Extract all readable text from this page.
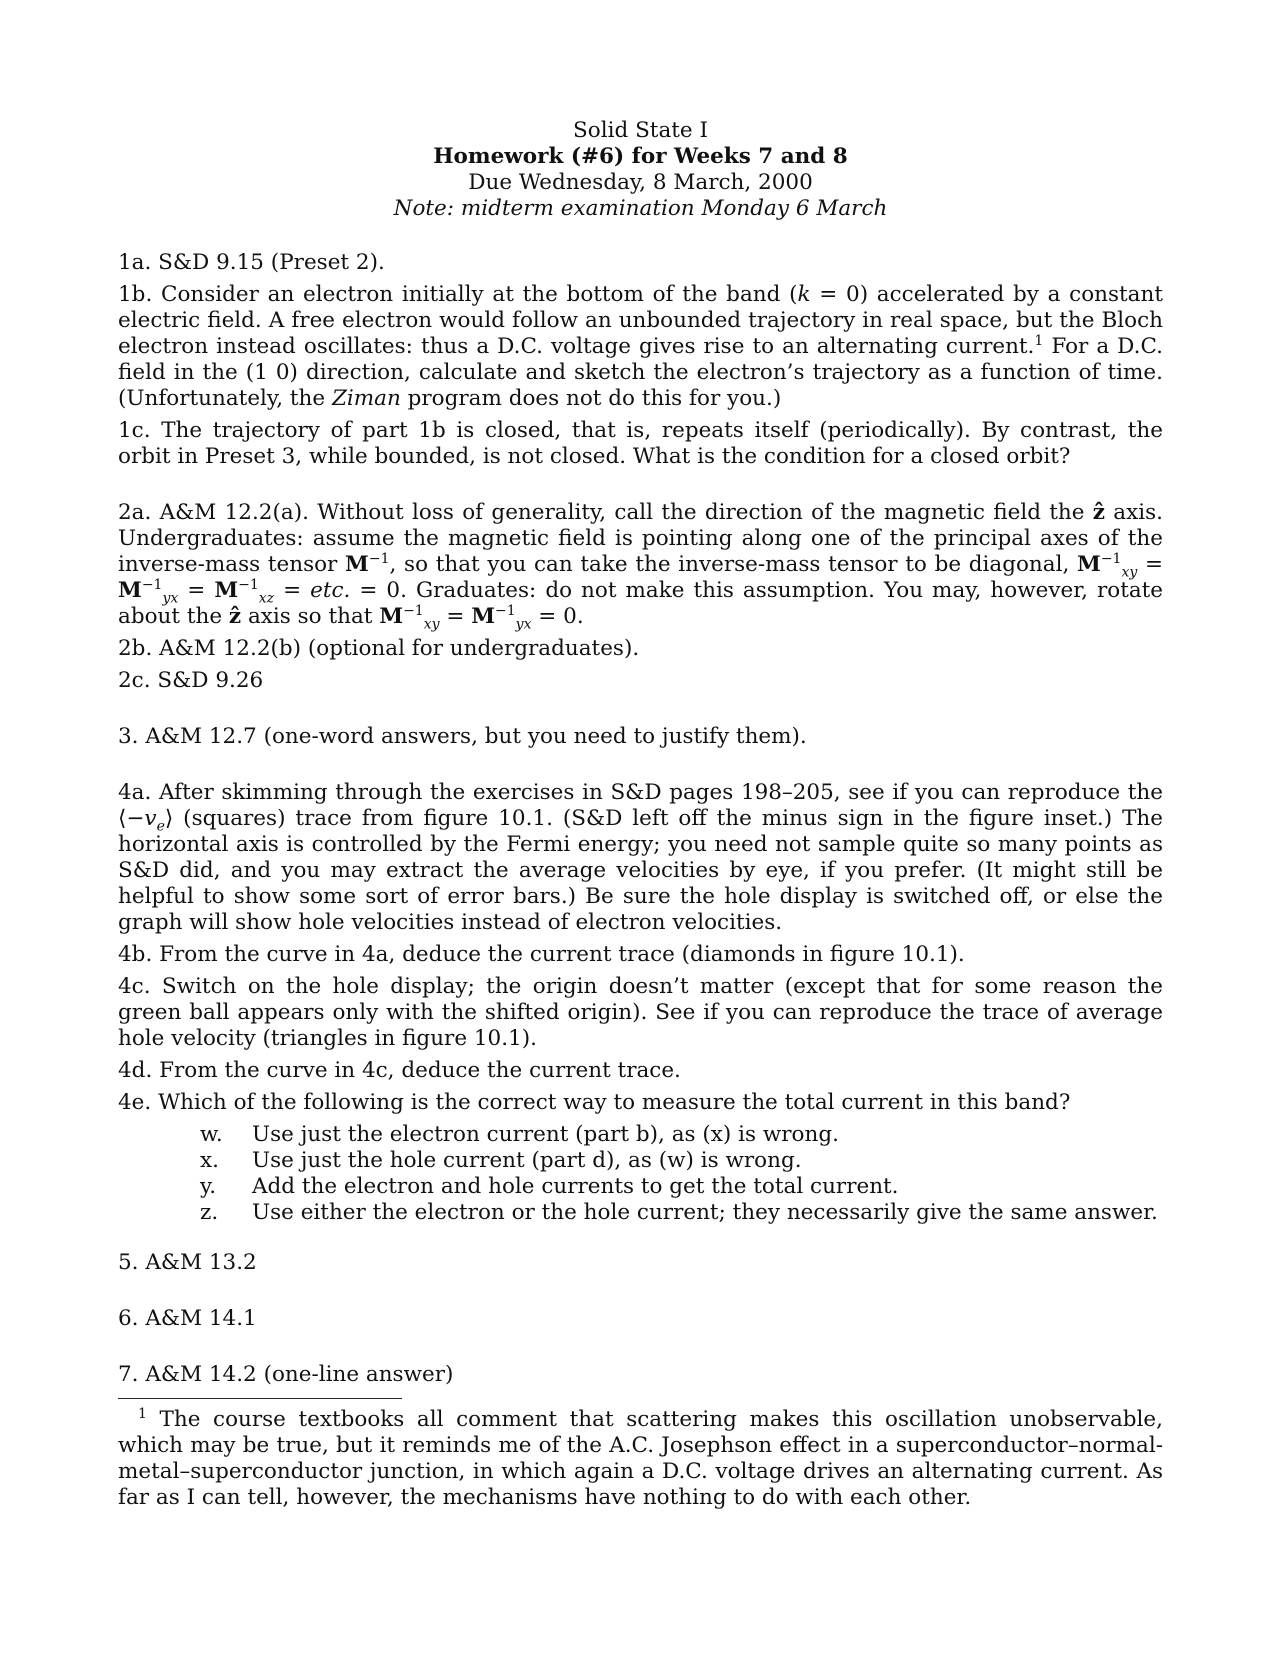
Solid State I
Homework (#6) for Weeks 7 and 8
Due Wednesday, 8 March, 2000
Note: midterm examination Monday 6 March

1a. S&D 9.15 (Preset 2).

1b. Consider an electron initially at the bottom of the band (k = 0) accelerated by a constant electric field. A free electron would follow an unbounded trajectory in real space, but the Bloch electron instead oscillates: thus a D.C. voltage gives rise to an alternating current.$^1$ For a D.C. field in the (1 0) direction, calculate and sketch the electron’s trajectory as a function of time. (Unfortunately, the Ziman program does not do this for you.)

1c. The trajectory of part 1b is closed, that is, repeats itself (periodically). By contrast, the orbit in Preset 3, while bounded, is not closed. What is the condition for a closed orbit?

2a. A&M 12.2(a). Without loss of generality, call the direction of the magnetic field the ẑ axis. Undergraduates: assume the magnetic field is pointing along one of the principal axes of the inverse-mass tensor $M^{-1}$, so that you can take the inverse-mass tensor to be diagonal, $M^{-1}_{xy} = M^{-1}_{yx} = M^{-1}_{xz}$ = etc. = 0. Graduates: do not make this assumption. You may, however, rotate about the ẑ axis so that $M^{-1}_{xy} = M^{-1}_{yx} = 0$.

2b. A&M 12.2(b) (optional for undergraduates).

2c. S&D 9.26

3. A&M 12.7 (one-word answers, but you need to justify them).

4a. After skimming through the exercises in S&D pages 198–205, see if you can reproduce the $⟨-v_e⟩$ (squares) trace from figure 10.1. (S&D left off the minus sign in the figure inset.) The horizontal axis is controlled by the Fermi energy; you need not sample quite so many points as S&D did, and you may extract the average velocities by eye, if you prefer. (It might still be helpful to show some sort of error bars.) Be sure the hole display is switched off, or else the graph will show hole velocities instead of electron velocities.

4b. From the curve in 4a, deduce the current trace (diamonds in figure 10.1).

4c. Switch on the hole display; the origin doesn’t matter (except that for some reason the green ball appears only with the shifted origin). See if you can reproduce the trace of average hole velocity (triangles in figure 10.1).

4d. From the curve in 4c, deduce the current trace.

4e. Which of the following is the correct way to measure the total current in this band?

w.	Use just the electron current (part b), as (x) is wrong.
x.	Use just the hole current (part d), as (w) is wrong.
y.	Add the electron and hole currents to get the total current.
z.	Use either the electron or the hole current; they necessarily give the same answer.

5. A&M 13.2

6. A&M 14.1

7. A&M 14.2 (one-line answer)

$^1$ The course textbooks all comment that scattering makes this oscillation unobservable, which may be true, but it reminds me of the A.C. Josephson effect in a superconductor–normal-metal–superconductor junction, in which again a D.C. voltage drives an alternating current. As far as I can tell, however, the mechanisms have nothing to do with each other.
